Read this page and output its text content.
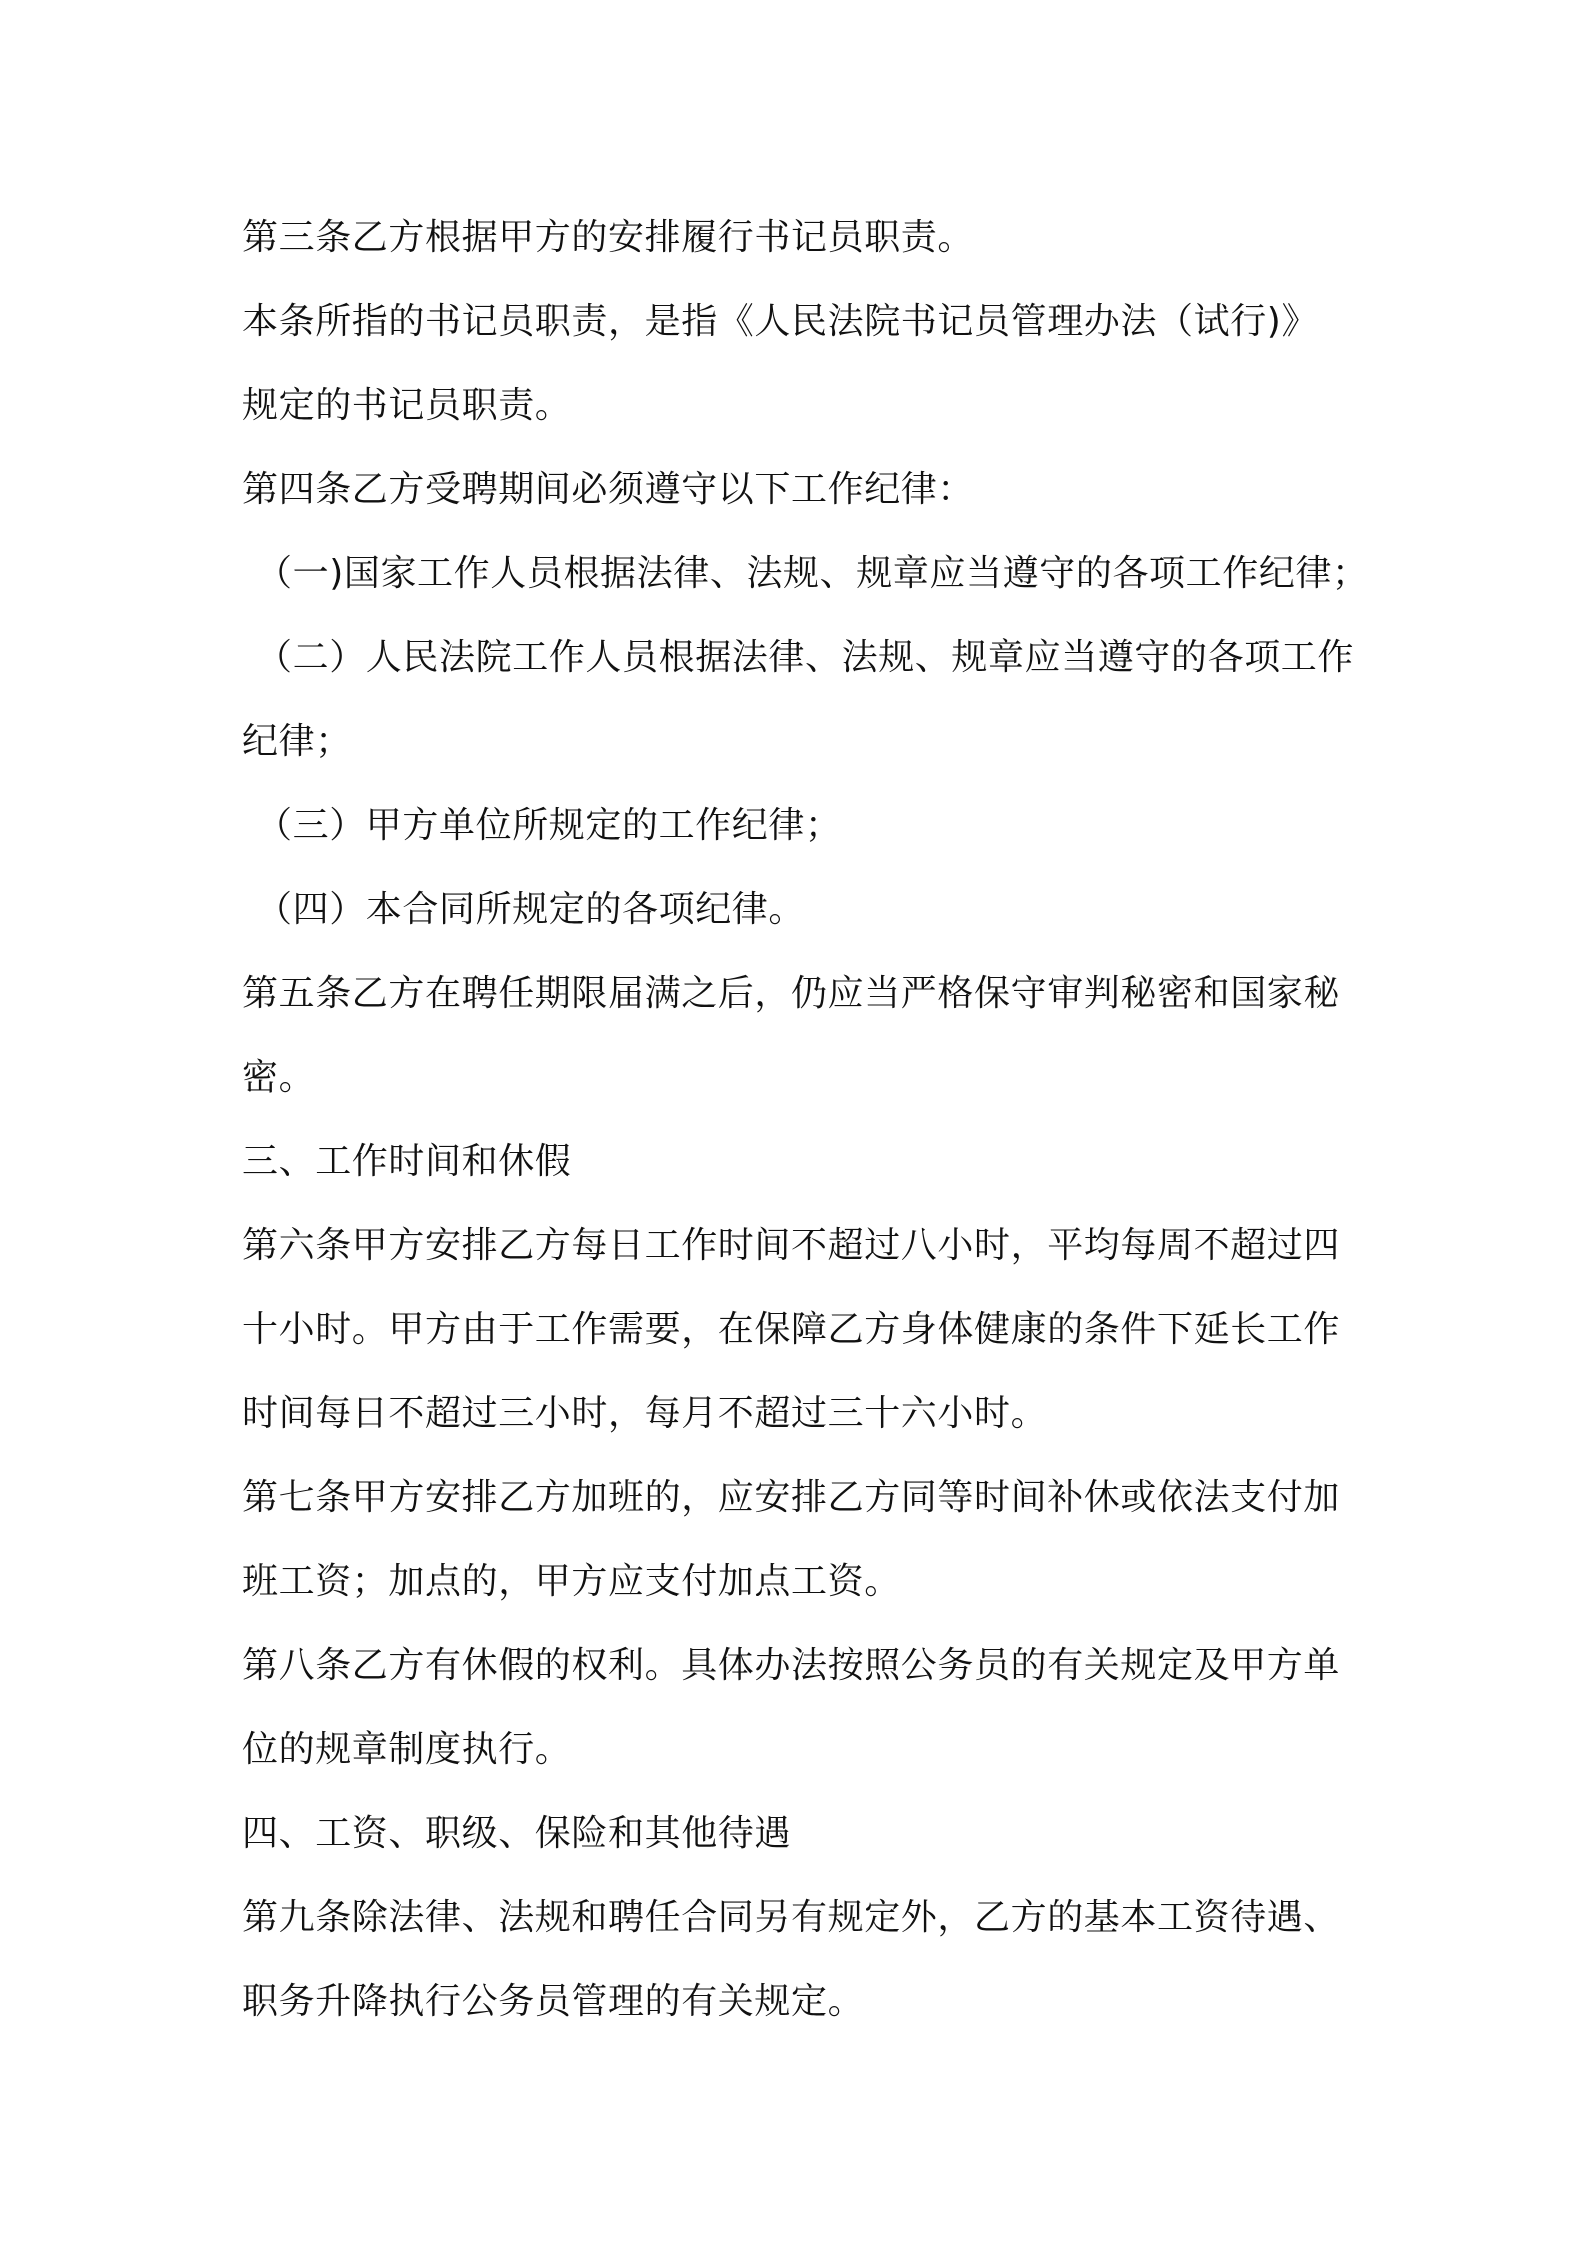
第三条乙方根据甲方的安排履行书记员职责。
本条所指的书记员职责，是指《人民法院书记员管理办法（试行)》
规定的书记员职责。
第四条乙方受聘期间必须遵守以下工作纪律：
（一)国家工作人员根据法律、法规、规章应当遵守的各项工作纪律；
（二）人民法院工作人员根据法律、法规、规章应当遵守的各项工作
纪律；
（三）甲方单位所规定的工作纪律；
（四）本合同所规定的各项纪律。
第五条乙方在聘任期限届满之后，仍应当严格保守审判秘密和国家秘
密。
三、工作时间和休假
第六条甲方安排乙方每日工作时间不超过八小时，平均每周不超过四
十小时。甲方由于工作需要，在保障乙方身体健康的条件下延长工作
时间每日不超过三小时，每月不超过三十六小时。
第七条甲方安排乙方加班的，应安排乙方同等时间补休或依法支付加
班工资；加点的，甲方应支付加点工资。
第八条乙方有休假的权利。具体办法按照公务员的有关规定及甲方单
位的规章制度执行。
四、工资、职级、保险和其他待遇
第九条除法律、法规和聘任合同另有规定外，乙方的基本工资待遇、
职务升降执行公务员管理的有关规定。
